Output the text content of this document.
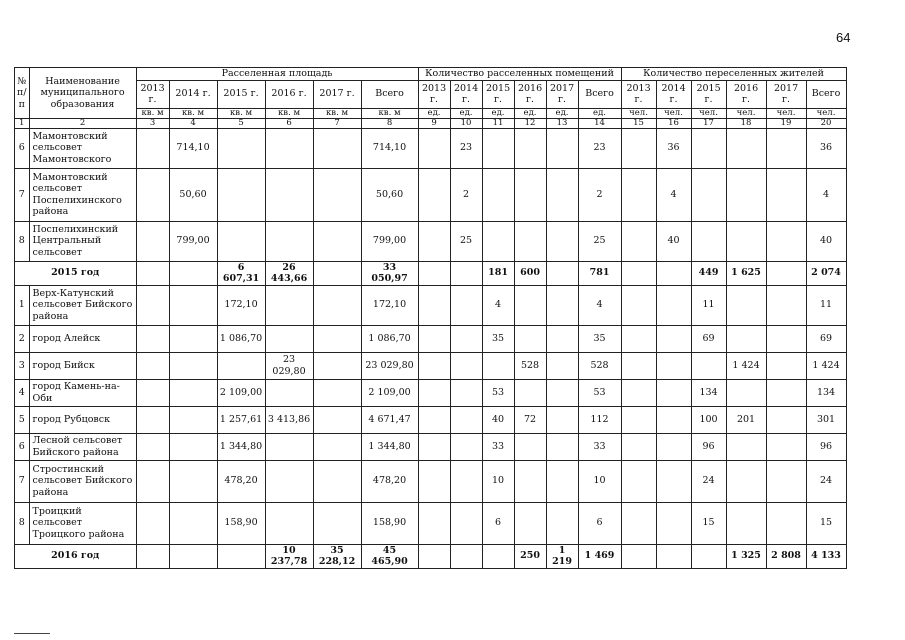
64
№ п/п	Наименование муниципального образования	Расселенная площадь						Количество расселенных помещений						Количество переселенных жителей					
		2013 г.	2014 г.	2015 г.	2016 г.	2017 г.	Всего	2013 г.	2014 г.	2015 г.	2016 г.	2017 г.	Всего	2013 г.	2014 г.	2015 г.	2016 г.	2017 г.	Всего
		кв. м	кв. м	кв. м	кв. м	кв. м	кв. м	ед.	ед.	ед.	ед.	ед.	ед.	чел.	чел.	чел.	чел.	чел.	чел.
1	2	3	4	5	6	7	8	9	10	11	12	13	14	15	16	17	18	19	20
6	Мамонтовский сельсовет Мамонтовского		714,10				714,10		23				23		36				36
7	Мамонтовский сельсовет Поспелихинского района		50,60				50,60		2				2		4				4
8	Поспелихинский Центральный сельсовет		799,00				799,00		25				25		40				40
2015 год				6 607,31	26 443,66		33 050,97			181	600		781			449	1 625		2 074
1	Верх-Катунский сельсовет Бийского района			172,10			172,10			4			4			11			11
2	город Алейск			1 086,70			1 086,70			35			35			69			69
3	город Бийск				23 029,80		23 029,80				528		528				1 424		1 424
4	город Камень-на-Оби			2 109,00			2 109,00			53			53			134			134
5	город Рубцовск			1 257,61	3 413,86		4 671,47			40	72		112			100	201		301
6	Лесной сельсовет Бийского района			1 344,80			1 344,80			33			33			96			96
7	Стростинский сельсовет Бийского района			478,20			478,20			10			10			24			24
8	Троицкий сельсовет Троицкого района			158,90			158,90			6			6			15			15
2016 год					10 237,78	35 228,12	45 465,90				250	1 219	1 469				1 325	2 808	4 133
